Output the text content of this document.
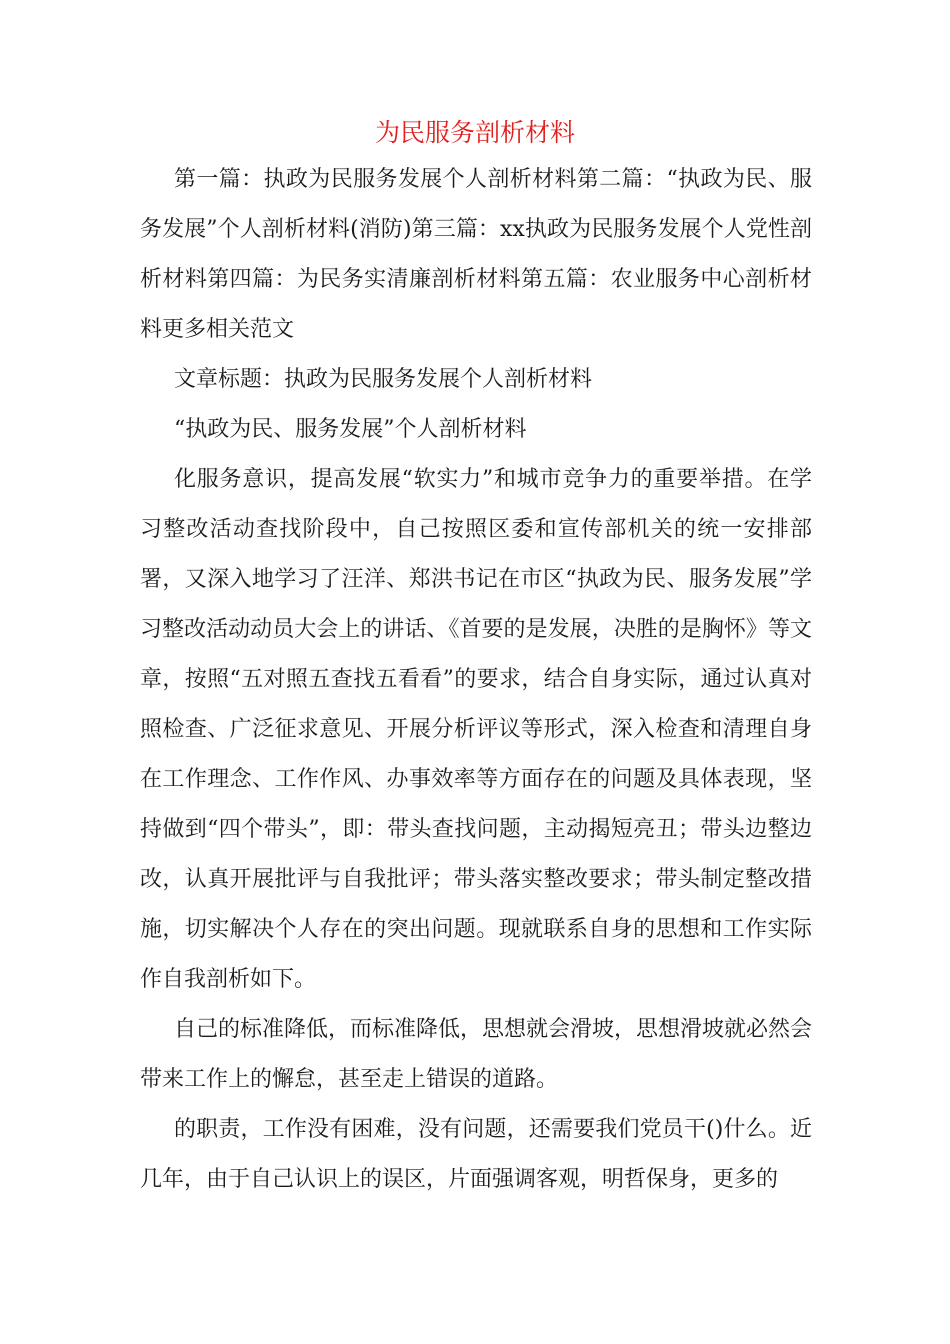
为民服务剖析材料

第一篇：执政为民服务发展个人剖析材料第二篇：“执政为民、服务发展”个人剖析材料(消防)第三篇：xx执政为民服务发展个人党性剖析材料第四篇：为民务实清廉剖析材料第五篇：农业服务中心剖析材料更多相关范文

文章标题：执政为民服务发展个人剖析材料

“执政为民、服务发展”个人剖析材料

化服务意识，提高发展“软实力”和城市竞争力的重要举措。在学习整改活动查找阶段中，自己按照区委和宣传部机关的统一安排部署，又深入地学习了汪洋、郑洪书记在市区“执政为民、服务发展”学习整改活动动员大会上的讲话、《首要的是发展，决胜的是胸怀》等文章，按照“五对照五查找五看看”的要求，结合自身实际，通过认真对照检查、广泛征求意见、开展分析评议等形式，深入检查和清理自身在工作理念、工作作风、办事效率等方面存在的问题及具体表现，坚持做到“四个带头”，即：带头查找问题，主动揭短亮丑；带头边整边改，认真开展批评与自我批评；带头落实整改要求；带头制定整改措施，切实解决个人存在的突出问题。现就联系自身的思想和工作实际作自我剖析如下。

自己的标准降低，而标准降低，思想就会滑坡，思想滑坡就必然会带来工作上的懈怠，甚至走上错误的道路。

的职责，工作没有困难，没有问题，还需要我们党员干()什么。近几年，由于自己认识上的误区，片面强调客观，明哲保身，更多的
